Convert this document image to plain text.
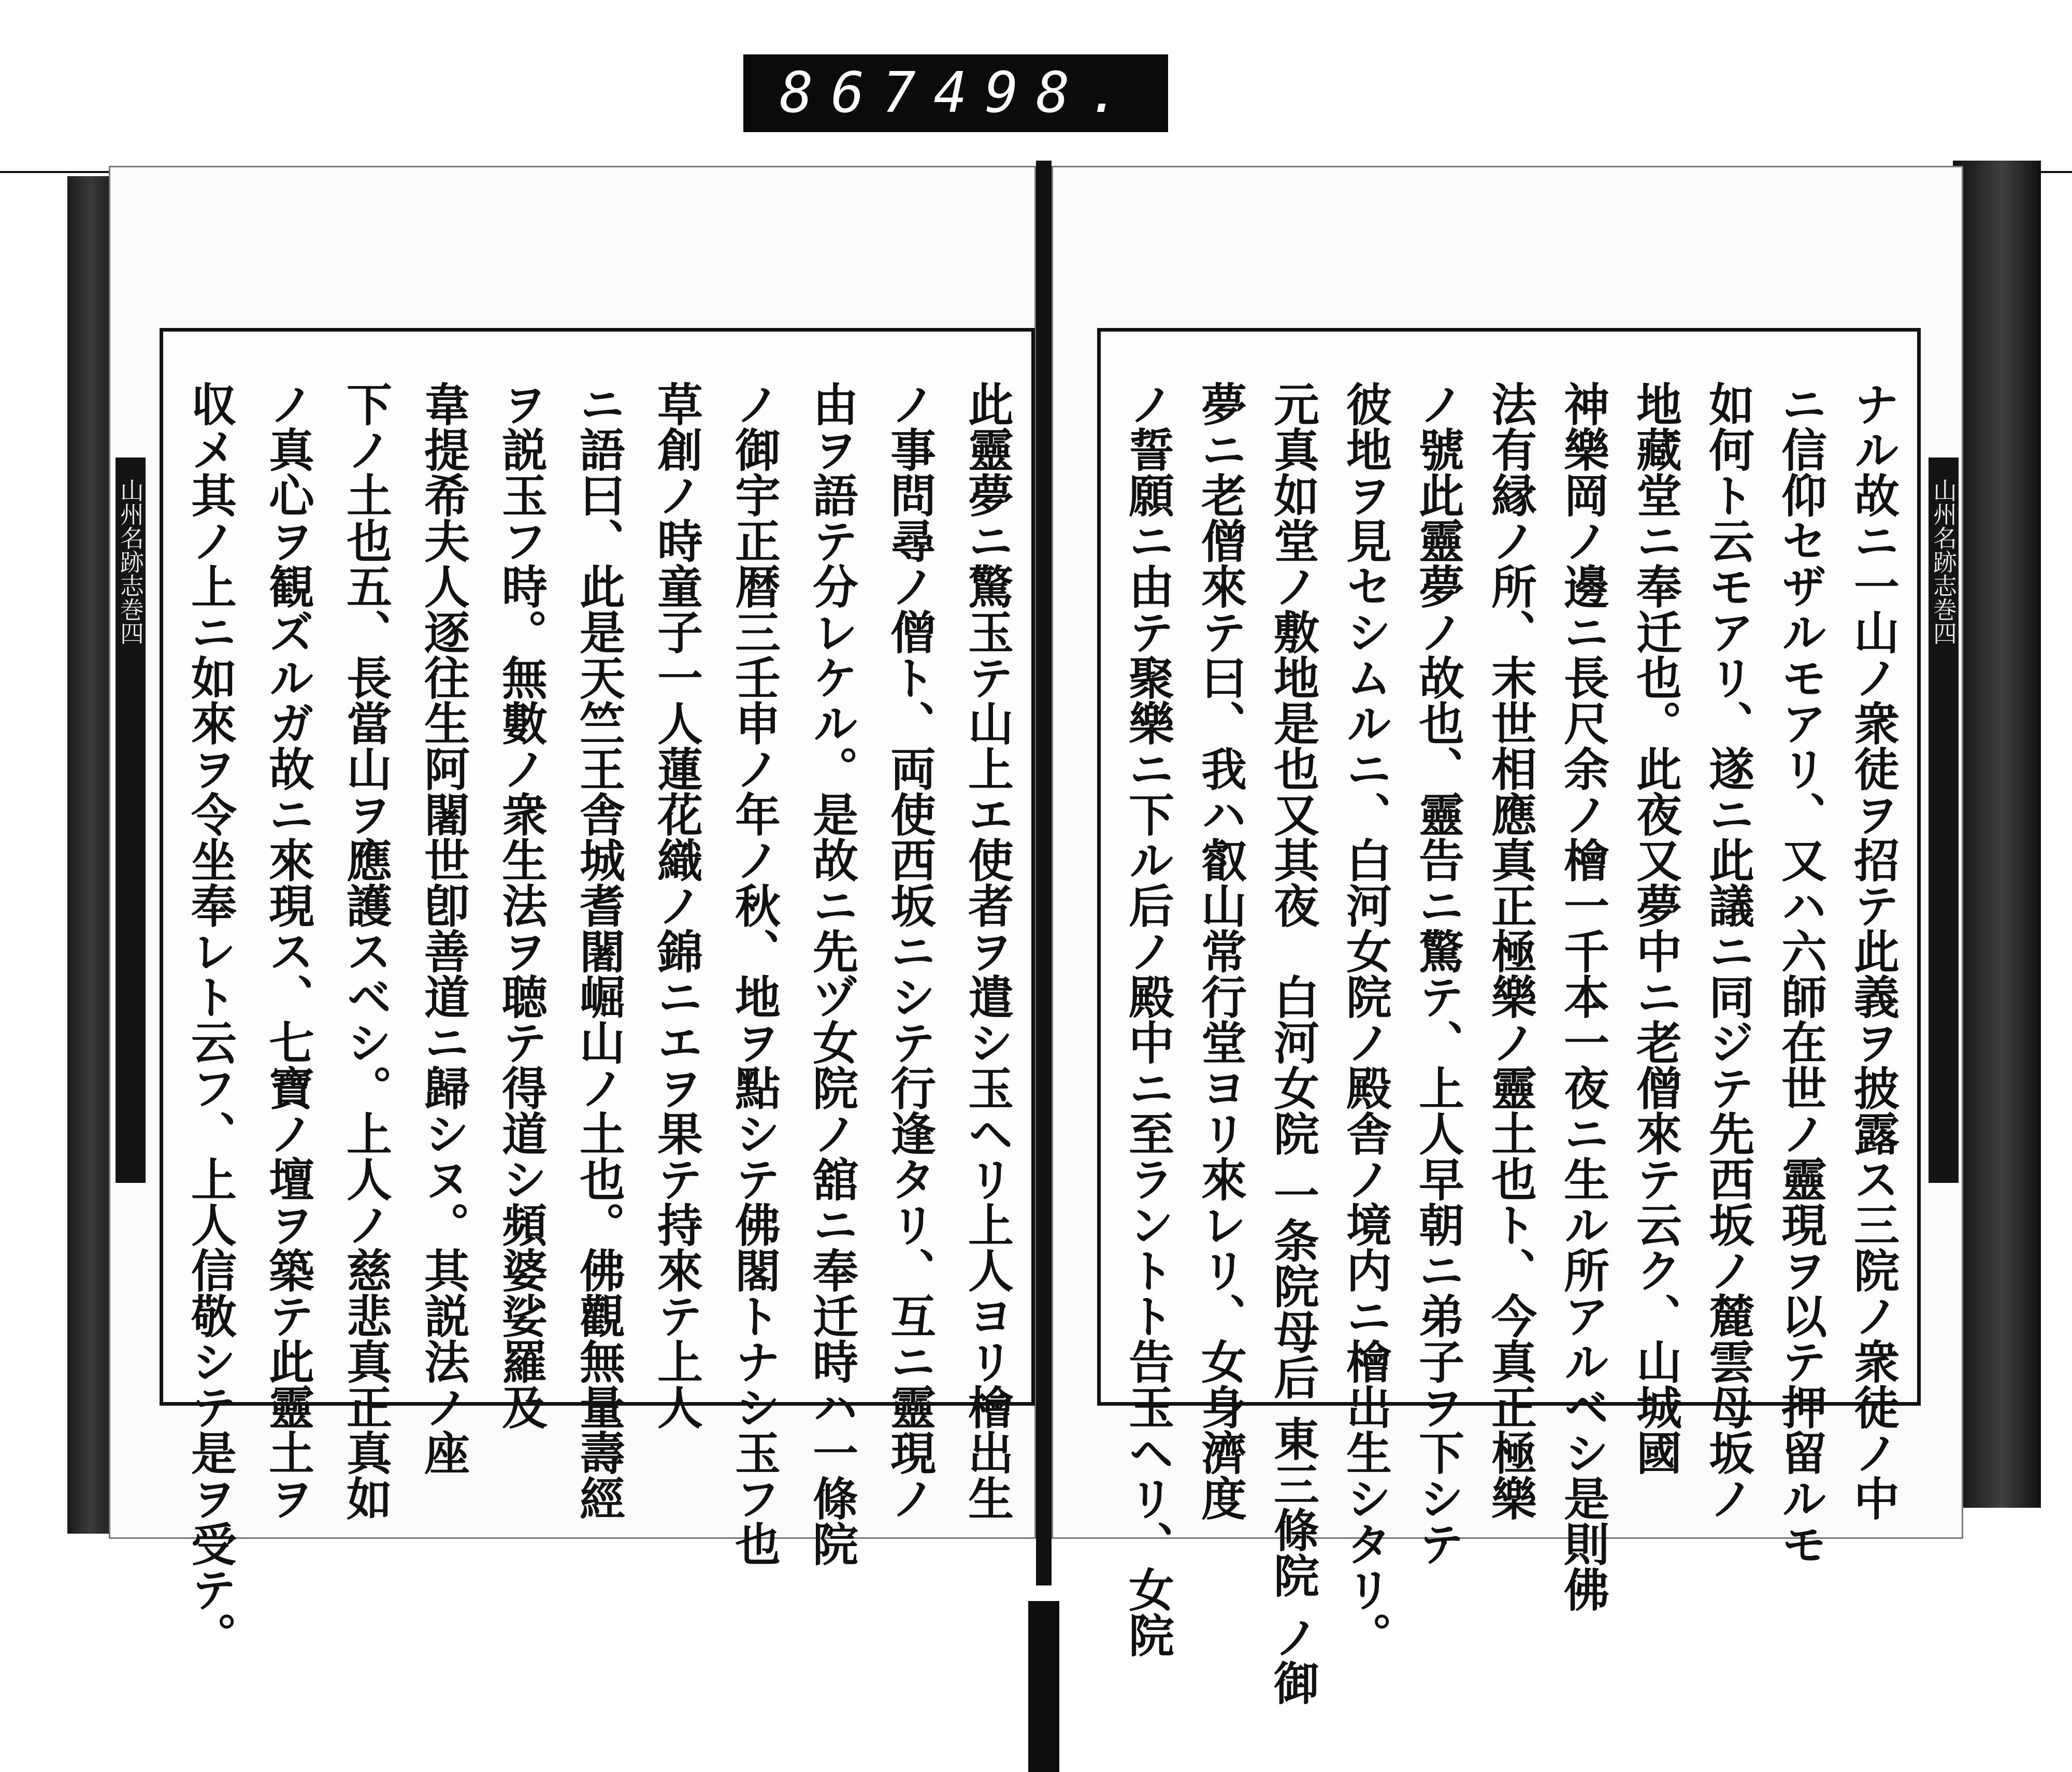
867 498.
此靈夢ニ驚玉テ山上エ使者ヲ遣シ玉ヘリ上人ヨリ檜出生
ノ事問尋ノ僧ト、両使西坂ニシテ行逢タリ、互ニ靈現ノ
由ヲ語テ分レケル。是故ニ先ヅ女院ノ舘ニ奉迁時ハ一條院
ノ御宇正暦三壬申ノ年ノ秋、地ヲ點シテ佛閣トナシ玉フ也
草創ノ時童子一人蓮花織ノ錦ニエヲ果テ持來テ上人
ニ語曰、此是天竺王舎城耆闍崛山ノ土也。佛觀無量壽經
ヲ説玉フ時。無數ノ衆生法ヲ聴テ得道シ頻婆娑羅及
韋提希夫人逐往生阿闍世卽善道ニ歸シヌ。其説法ノ座
下ノ土也五、長當山ヲ應護スベシ。上人ノ慈悲真正真如
ノ真心ヲ観ズルガ故ニ來現ス、七寶ノ壇ヲ築テ此靈土ヲ
収メ其ノ上ニ如來ヲ令坐奉レト云フ、上人信敬シテ是ヲ受テ。
山州名跡志巻四	ナル故ニ一山ノ衆徒ヲ招テ此義ヲ披露ス三院ノ衆徒ノ中
ニ信仰セザルモアリ、又ハ六師在世ノ靈現ヲ以テ押留ルモ
如何ト云モアリ、遂ニ此議ニ同ジテ先西坂ノ麓雲母坂ノ
地藏堂ニ奉迁也。此夜又夢中ニ老僧來テ云ク、山城國
神樂岡ノ邊ニ長尺余ノ檜一千本一夜ニ生ル所アルベシ是則佛
法有縁ノ所、末世相應真正極樂ノ靈土也ト、今真正極樂
ノ號此靈夢ノ故也、靈告ニ驚テ、上人早朝ニ弟子ヲ下シテ
彼地ヲ見セシムルニ、白河女院ノ殿舎ノ境内ニ檜出生シタリ。
元真如堂ノ敷地是也又其夜　白河女院 一条院母后 東三條院 ノ御
夢ニ老僧來テ曰、我ハ叡山常行堂ヨリ來レリ、女身濟度
ノ誓願ニ由テ聚樂ニ下ル后ノ殿中ニ至ラントト告玉ヘリ、女院	山州名跡志巻四
